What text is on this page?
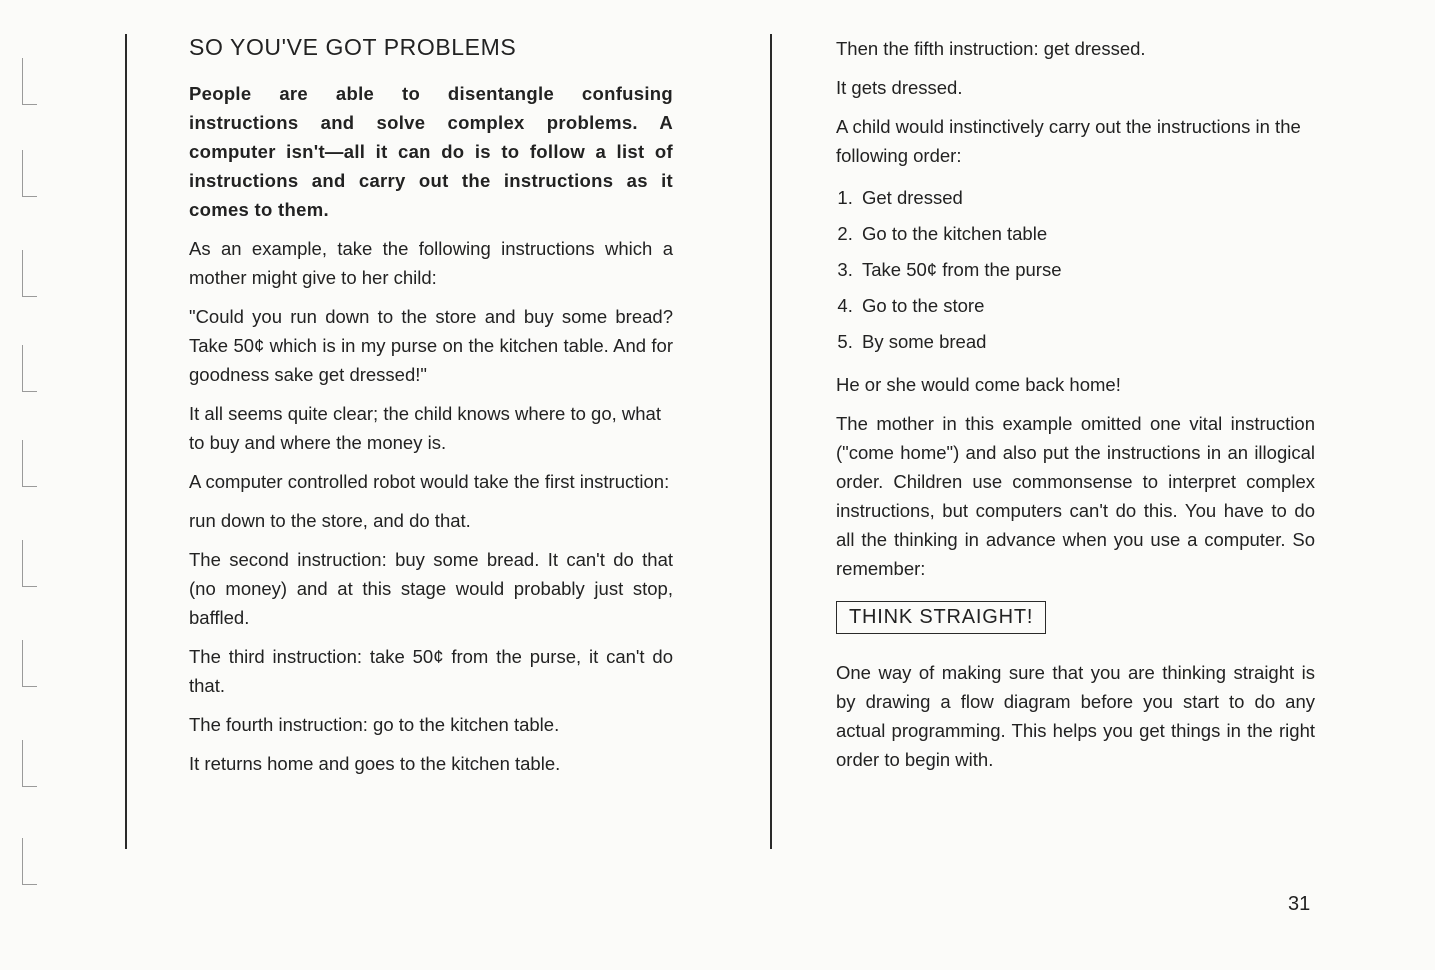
SO YOU'VE GOT PROBLEMS

People are able to disentangle confusing instructions and solve complex problems. A computer isn't—all it can do is to follow a list of instructions and carry out the instructions as it comes to them.

As an example, take the following instructions which a mother might give to her child:

"Could you run down to the store and buy some bread? Take 50¢ which is in my purse on the kitchen table. And for goodness sake get dressed!"

It all seems quite clear; the child knows where to go, what to buy and where the money is.

A computer controlled robot would take the first instruction:

run down to the store, and do that.

The second instruction: buy some bread. It can't do that (no money) and at this stage would probably just stop, baffled.

The third instruction: take 50¢ from the purse, it can't do that.

The fourth instruction: go to the kitchen table.

It returns home and goes to the kitchen table.

Then the fifth instruction: get dressed.

It gets dressed.

A child would instinctively carry out the instructions in the following order:

1. Get dressed
2. Go to the kitchen table
3. Take 50¢ from the purse
4. Go to the store
5. By some bread

He or she would come back home!

The mother in this example omitted one vital instruction ("come home") and also put the instructions in an illogical order. Children use commonsense to interpret complex instructions, but computers can't do this. You have to do all the thinking in advance when you use a computer. So remember:

THINK STRAIGHT!

One way of making sure that you are thinking straight is by drawing a flow diagram before you start to do any actual programming. This helps you get things in the right order to begin with.

31
